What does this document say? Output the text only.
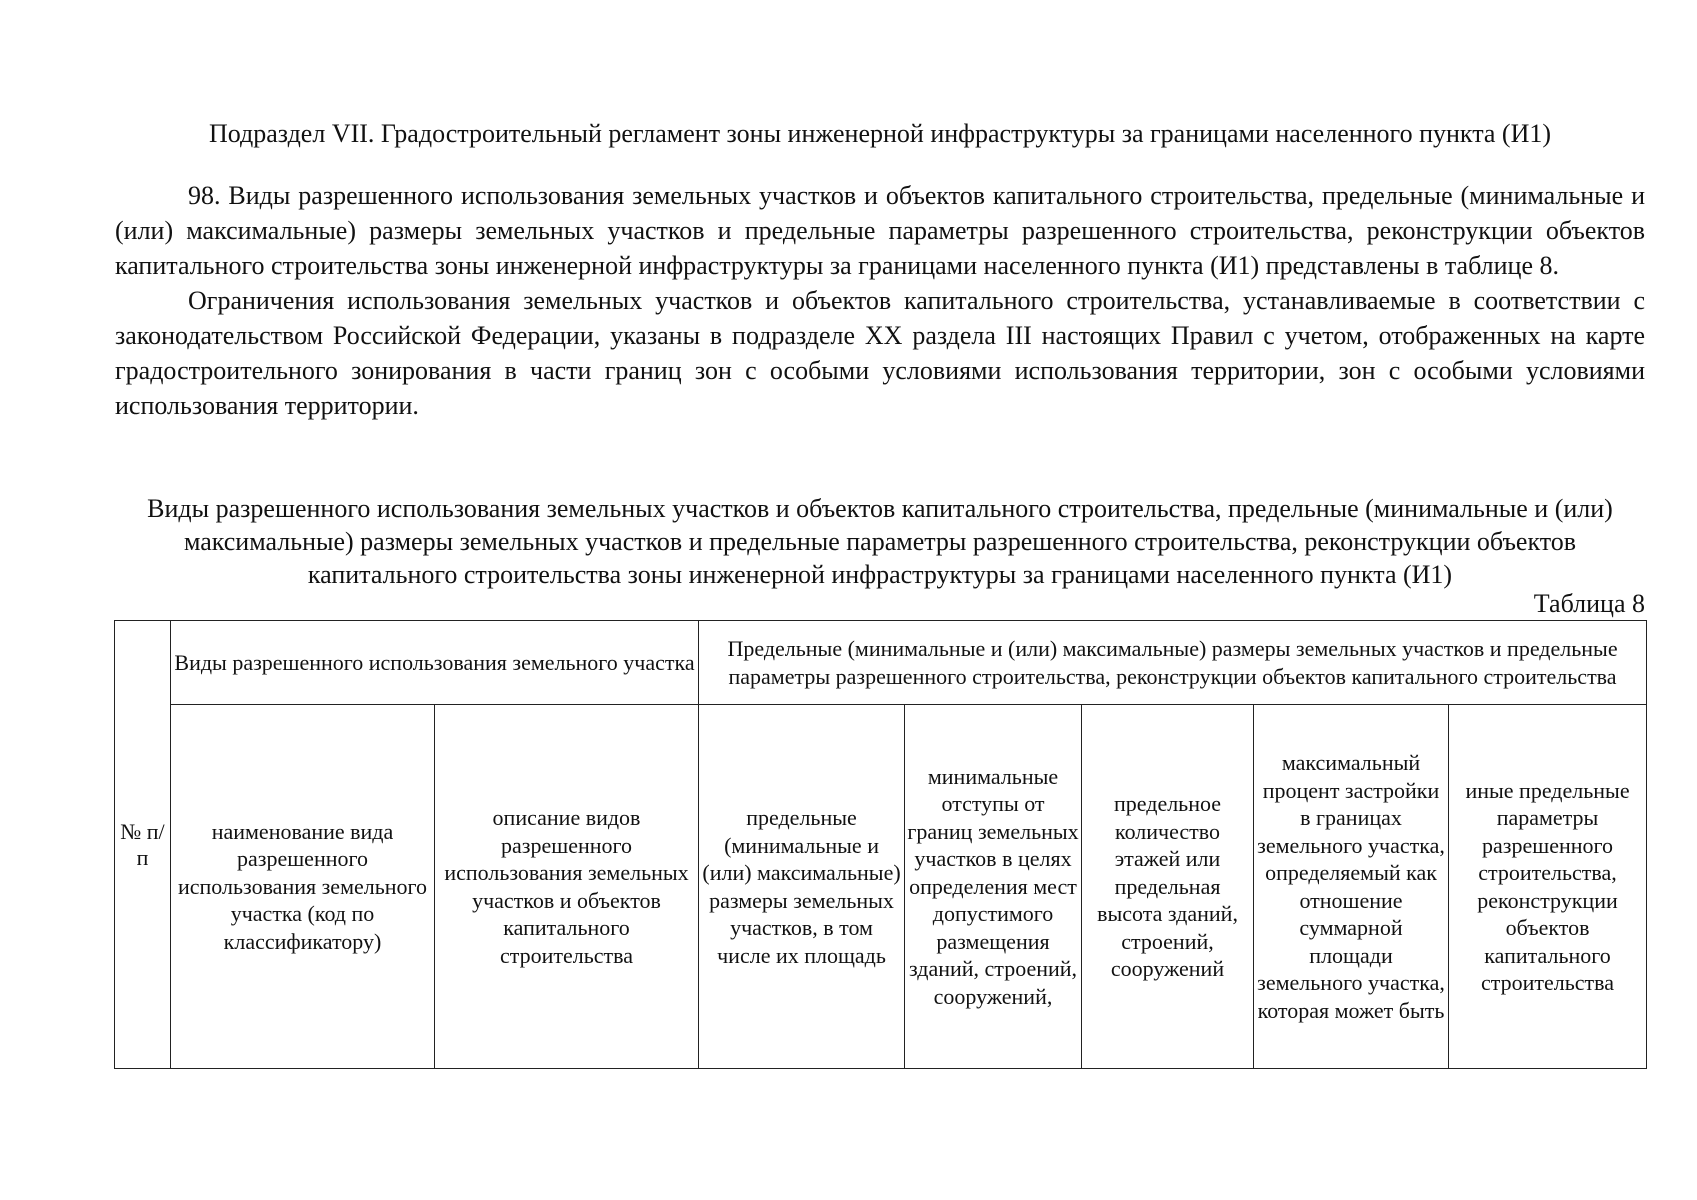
Подраздел VII. Градостроительный регламент зоны инженерной инфраструктуры за границами населенного пункта (И1)

98. Виды разрешенного использования земельных участков и объектов капитального строительства, предельные (минимальные и (или) максимальные) размеры земельных участков и предельные параметры разрешенного строительства, реконструкции объектов капитального строительства зоны инженерной инфраструктуры за границами населенного пункта (И1) представлены в таблице 8.

Ограничения использования земельных участков и объектов капитального строительства, устанавливаемые в соответствии с законодательством Российской Федерации, указаны в подразделе XX раздела III настоящих Правил с учетом, отображенных на карте градостроительного зонирования в части границ зон с особыми условиями использования территории, зон с особыми условиями использования территории.

Виды разрешенного использования земельных участков и объектов капитального строительства, предельные (минимальные и (или) максимальные) размеры земельных участков и предельные параметры разрешенного строительства, реконструкции объектов капитального строительства зоны инженерной инфраструктуры за границами населенного пункта (И1)
Таблица 8
№ п/п	Виды разрешенного использования земельного участка		Предельные (минимальные и (или) максимальные) размеры земельных участков и предельные параметры разрешенного строительства, реконструкции объектов капитального строительства				
	наименование вида разрешенного использования земельного участка (код по классификатору)	описание видов разрешенного использования земельных участков и объектов капитального строительства	предельные (минимальные и (или) максимальные) размеры земельных участков, в том числе их площадь	минимальные отступы от границ земельных участков в целях определения мест допустимого размещения зданий, строений, сооружений,	предельное количество этажей или предельная высота зданий, строений, сооружений	максимальный процент застройки в границах земельного участка, определяемый как отношение суммарной площади земельного участка, которая может быть	иные предельные параметры разрешенного строительства, реконструкции объектов капитального строительства
